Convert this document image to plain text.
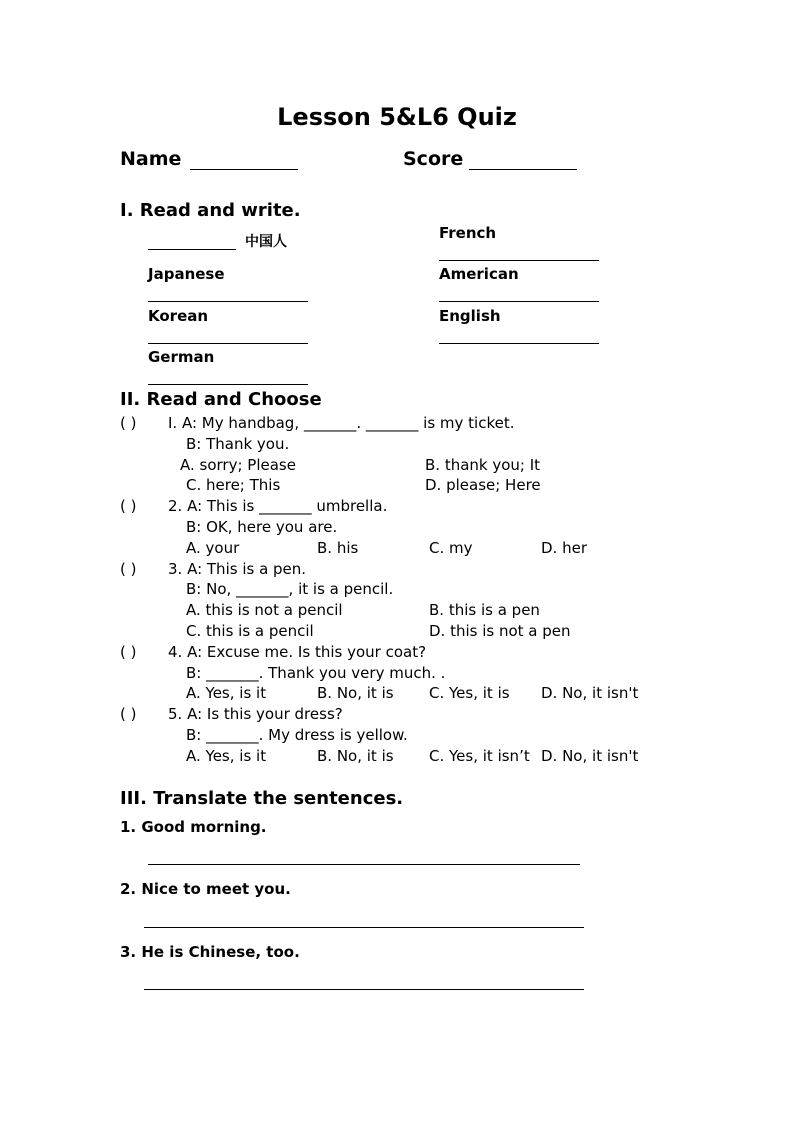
Lesson 5&L6 Quiz
Name	Score
I. Read and write.
中国人	French
Japanese	American
Korean	English
German
II. Read and Choose
( ) I. A: My handbag, _______. _______ is my ticket.
B: Thank you.
A. sorry; Please	B. thank you; It
C. here; This	D. please; Here
( ) 2. A: This is _______ umbrella.
B: OK, here you are.
A. your	B. his	C. my	D. her
( ) 3. A: This is a pen.
B: No, _______, it is a pencil.
A. this is not a pencil	B. this is a pen
C. this is a pencil	D. this is not a pen
( ) 4. A: Excuse me. Is this your coat?
B: _______. Thank you very much. .
A. Yes, is it	B. No, it is C. Yes, it is D. No, it isn't
( ) 5. A: Is this your dress?
B: _______. My dress is yellow.
A. Yes, is it	B. No, it is C. Yes, it isn’t D. No, it isn't
III. Translate the sentences.
1. Good morning.
2. Nice to meet you.
3. He is Chinese, too.
